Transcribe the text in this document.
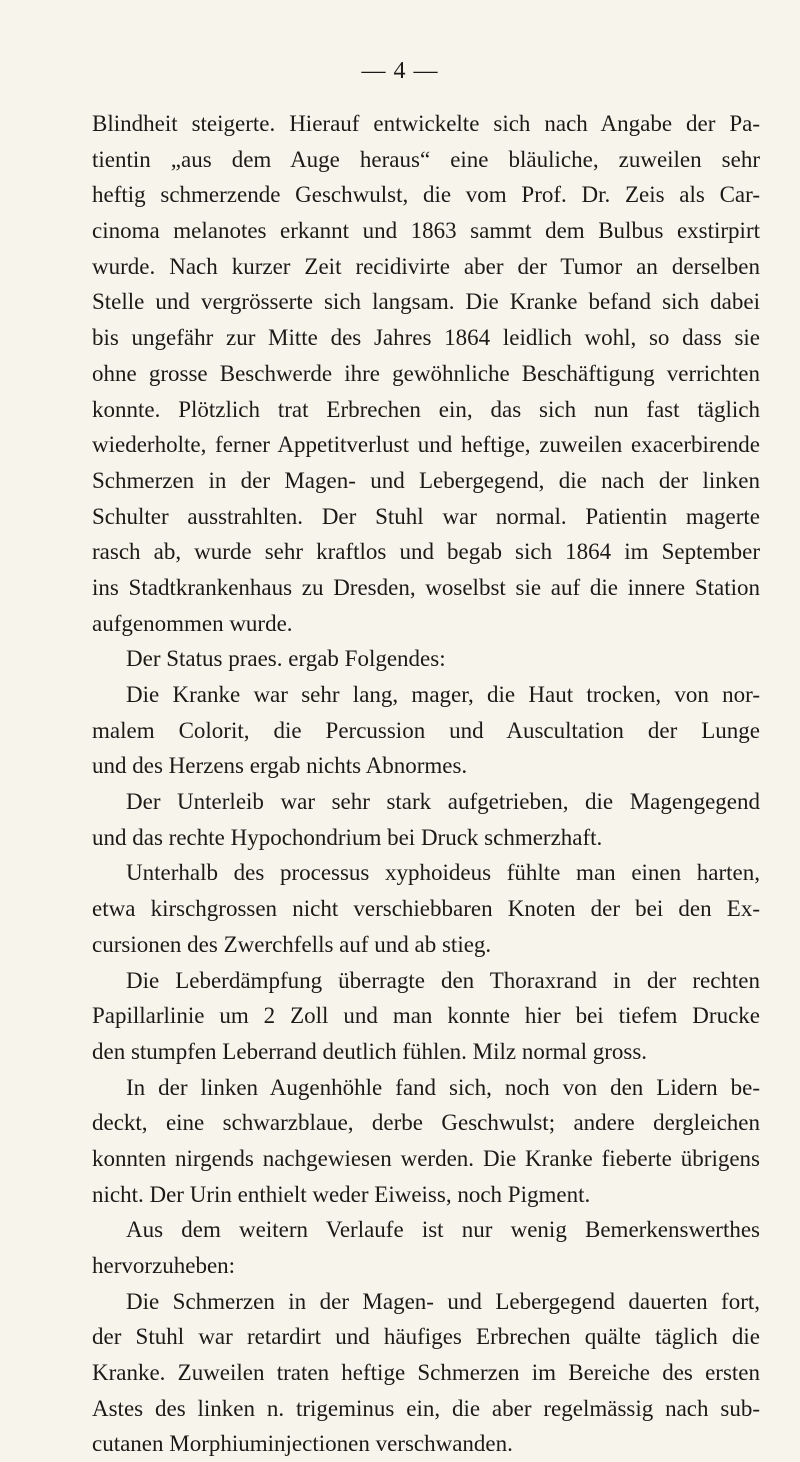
— 4 —
Blindheit steigerte. Hierauf entwickelte sich nach Angabe der Pa-
tientin „aus dem Auge heraus“ eine bläuliche, zuweilen sehr
heftig schmerzende Geschwulst, die vom Prof. Dr. Zeis als Car-
cinoma melanotes erkannt und 1863 sammt dem Bulbus exstirpirt
wurde. Nach kurzer Zeit recidivirte aber der Tumor an derselben
Stelle und vergrösserte sich langsam. Die Kranke befand sich dabei
bis ungefähr zur Mitte des Jahres 1864 leidlich wohl, so dass sie
ohne grosse Beschwerde ihre gewöhnliche Beschäftigung verrichten
konnte. Plötzlich trat Erbrechen ein, das sich nun fast täglich
wiederholte, ferner Appetitverlust und heftige, zuweilen exacerbirende
Schmerzen in der Magen- und Lebergegend, die nach der linken
Schulter ausstrahlten. Der Stuhl war normal. Patientin magerte
rasch ab, wurde sehr kraftlos und begab sich 1864 im September
ins Stadtkrankenhaus zu Dresden, woselbst sie auf die innere Station
aufgenommen wurde.
Der Status praes. ergab Folgendes:
Die Kranke war sehr lang, mager, die Haut trocken, von nor-
malem Colorit, die Percussion und Auscultation der Lunge
und des Herzens ergab nichts Abnormes.
Der Unterleib war sehr stark aufgetrieben, die Magengegend
und das rechte Hypochondrium bei Druck schmerzhaft.
Unterhalb des processus xyphoideus fühlte man einen harten,
etwa kirschgrossen nicht verschiebbaren Knoten der bei den Ex-
cursionen des Zwerchfells auf und ab stieg.
Die Leberdämpfung überragte den Thoraxrand in der rechten
Papillarlinie um 2 Zoll und man konnte hier bei tiefem Drucke
den stumpfen Leberrand deutlich fühlen. Milz normal gross.
In der linken Augenhöhle fand sich, noch von den Lidern be-
deckt, eine schwarzblaue, derbe Geschwulst; andere dergleichen
konnten nirgends nachgewiesen werden. Die Kranke fieberte übrigens
nicht. Der Urin enthielt weder Eiweiss, noch Pigment.
Aus dem weitern Verlaufe ist nur wenig Bemerkenswerthes
hervorzuheben:
Die Schmerzen in der Magen- und Lebergegend dauerten fort,
der Stuhl war retardirt und häufiges Erbrechen quälte täglich die
Kranke. Zuweilen traten heftige Schmerzen im Bereiche des ersten
Astes des linken n. trigeminus ein, die aber regelmässig nach sub-
cutanen Morphiuminjectionen verschwanden.
